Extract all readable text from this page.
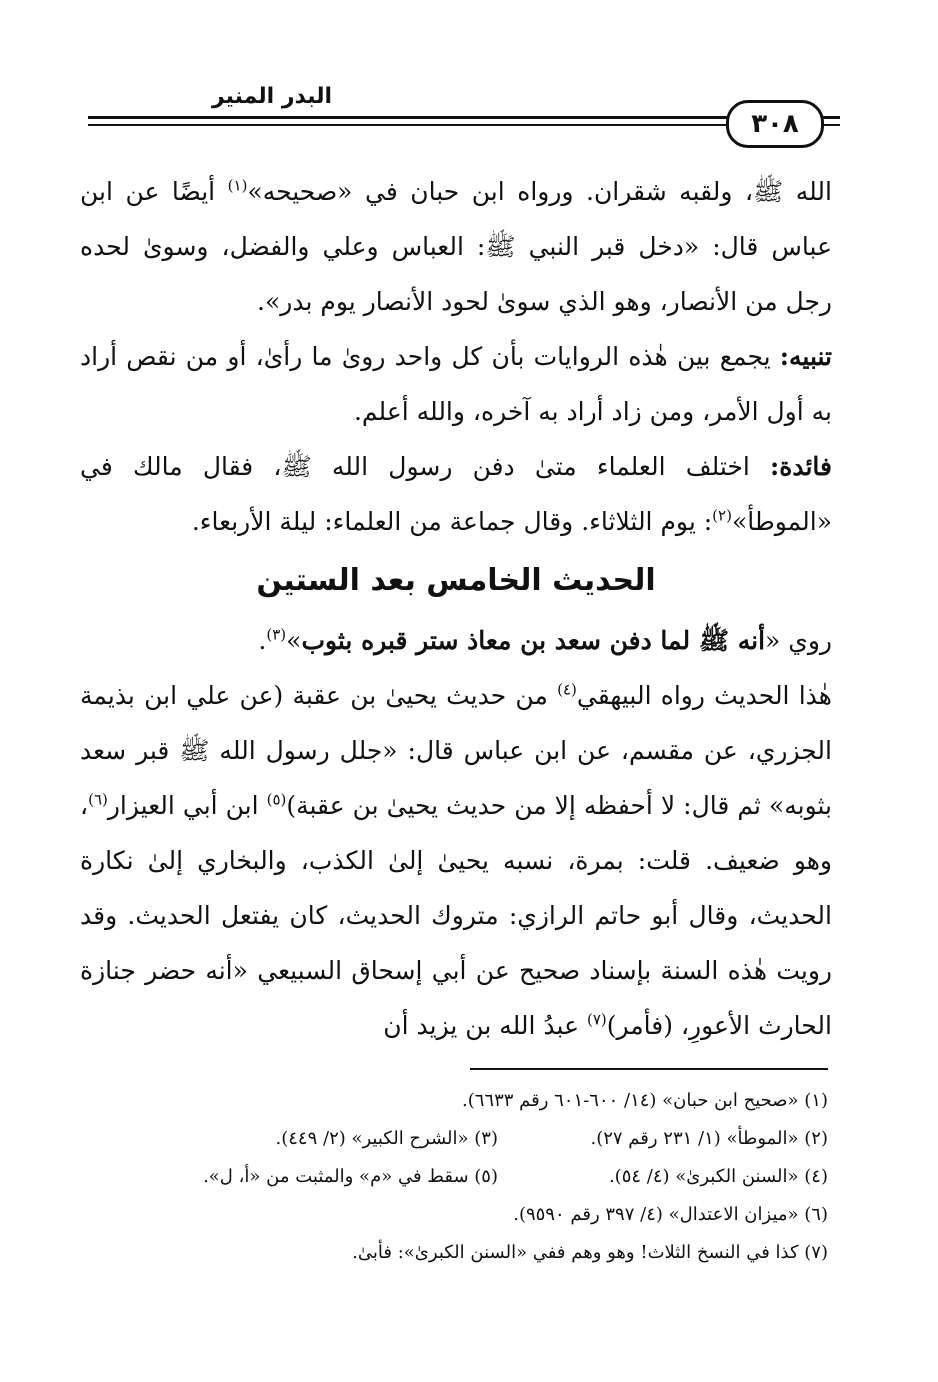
البدر المنير
٣٠٨

الله ﷺ، ولقبه شقران. ورواه ابن حبان في «صحيحه»$^{(١)}$ أيضًا عن ابن عباس قال: «دخل قبر النبي ﷺ: العباس وعلي والفضل، وسوىٰ لحده رجل من الأنصار، وهو الذي سوىٰ لحود الأنصار يوم بدر».

تنبيه: يجمع بين هٰذه الروايات بأن كل واحد روىٰ ما رأىٰ، أو من نقص أراد به أول الأمر، ومن زاد أراد به آخره، والله أعلم.

فائدة: اختلف العلماء متىٰ دفن رسول الله ﷺ، فقال مالك في «الموطأ»$^{(٢)}$: يوم الثلاثاء. وقال جماعة من العلماء: ليلة الأربعاء.

الحديث الخامس بعد الستين

روي «أنه ﷺ لما دفن سعد بن معاذ ستر قبره بثوب»$^{(٣)}$.

هٰذا الحديث رواه البيهقي$^{(٤)}$ من حديث يحيىٰ بن عقبة (عن علي ابن بذيمة الجزري، عن مقسم، عن ابن عباس قال: «جلل رسول الله ﷺ قبر سعد بثوبه» ثم قال: لا أحفظه إلا من حديث يحيىٰ بن عقبة)$^{(٥)}$ ابن أبي العيزار$^{(٦)}$، وهو ضعيف. قلت: بمرة، نسبه يحيىٰ إلىٰ الكذب، والبخاري إلىٰ نكارة الحديث، وقال أبو حاتم الرازي: متروك الحديث، كان يفتعل الحديث. وقد رويت هٰذه السنة بإسناد صحيح عن أبي إسحاق السبيعي «أنه حضر جنازة الحارث الأعورِ، (فأمر)$^{(٧)}$ عبدُ الله بن يزيد أن

(١) «صحيح ابن حبان» (١٤/ ٦٠٠-٦٠١ رقم ٦٦٣٣).
(٢) «الموطأ» (١/ ٢٣١ رقم ٢٧).
(٣) «الشرح الكبير» (٢/ ٤٤٩).
(٤) «السنن الكبرىٰ» (٤/ ٥٤).
(٥) سقط في «م» والمثبت من «أ، ل».
(٦) «ميزان الاعتدال» (٤/ ٣٩٧ رقم ٩٥٩٠).
(٧) كذا في النسخ الثلاث! وهو وهم ففي «السنن الكبرىٰ»: فأبىٰ.
